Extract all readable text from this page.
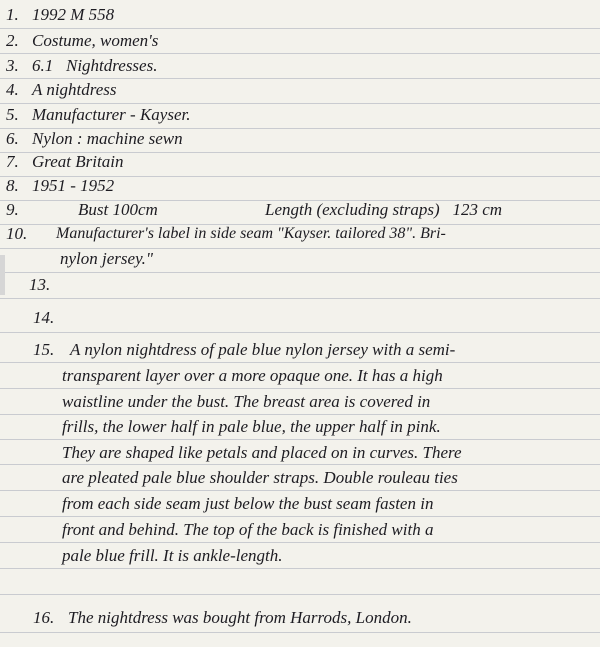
1. 1992 M 558
2. Costume, women's
3. 6.1   Nightdresses.
4. A nightdress
5. Manufacturer - Kayser.
6. Nylon : machine sewn
7. Great Britain
8. 1951 - 1952
9.	Bust 100cm	Length (excluding straps)   123 cm
10. Manufacturer's label in side seam "Kayser. tailored 38". Bri-
nylon jersey."
13.
14.
15. A nylon nightdress of pale blue nylon jersey with a semi-
transparent layer over a more opaque one. It has a high
waistline under the bust. The breast area is covered in
frills, the lower half in pale blue, the upper half in pink.
They are shaped like petals and placed on in curves. There
are pleated pale blue shoulder straps. Double rouleau ties
from each side seam just below the bust seam fasten in
front and behind. The top of the back is finished with a
pale blue frill. It is ankle-length.
16. The nightdress was bought from Harrods, London.
